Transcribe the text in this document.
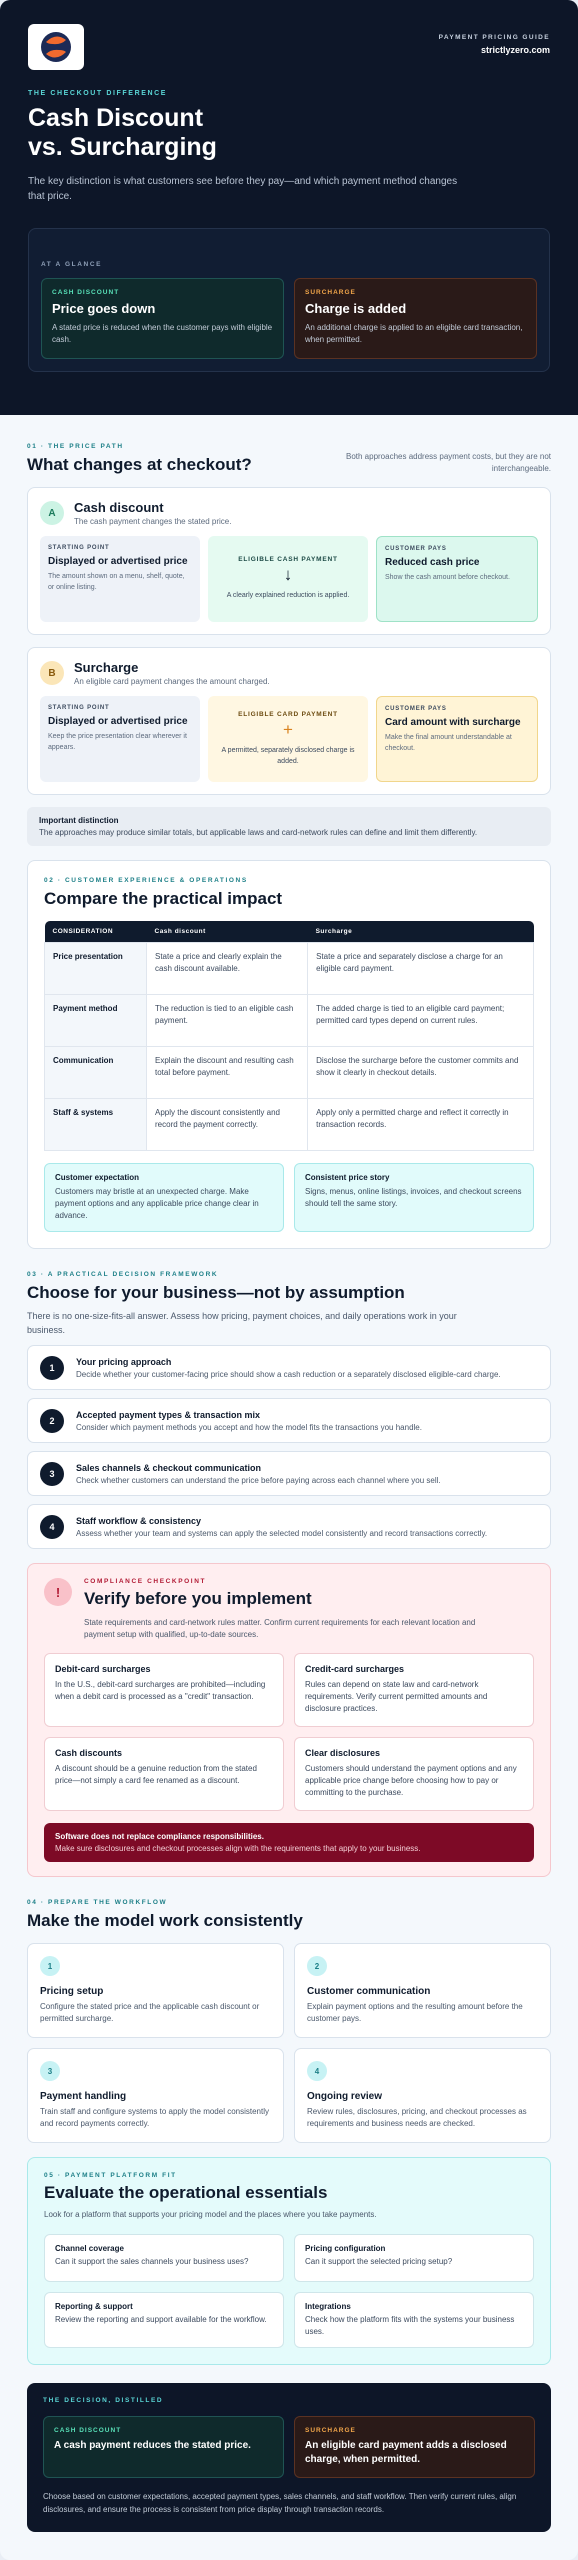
PAYMENT PRICING GUIDE
strictlyzero.com
THE CHECKOUT DIFFERENCE
Cash Discount
vs. Surcharging

The key distinction is what customers see before they pay—and which payment method changes that price.

AT A GLANCE
CASH DISCOUNT
Price goes down
A stated price is reduced when the customer pays with eligible cash.
SURCHARGE
Charge is added
An additional charge is applied to an eligible card transaction, when permitted.
01 · THE PRICE PATH
What changes at checkout?	Both approaches address payment costs, but they are not interchangeable.
A	Cash discount
The cash payment changes the stated price.
STARTING POINT
Displayed or advertised price
The amount shown on a menu, shelf, quote, or online listing.
ELIGIBLE CASH PAYMENT
↓
A clearly explained reduction is applied.
CUSTOMER PAYS
Reduced cash price
Show the cash amount before checkout.
B	Surcharge
An eligible card payment changes the amount charged.
STARTING POINT
Displayed or advertised price
Keep the price presentation clear wherever it appears.
ELIGIBLE CARD PAYMENT
+
A permitted, separately disclosed charge is added.
CUSTOMER PAYS
Card amount with surcharge
Make the final amount understandable at checkout.
Important distinction
The approaches may produce similar totals, but applicable laws and card-network rules can define and limit them differently.
02 · CUSTOMER EXPERIENCE & OPERATIONS
Compare the practical impact
CONSIDERATION	Cash discount	Surcharge
Price presentation	State a price and clearly explain the cash discount available.	State a price and separately disclose a charge for an eligible card payment.
Payment method	The reduction is tied to an eligible cash payment.	The added charge is tied to an eligible card payment; permitted card types depend on current rules.
Communication	Explain the discount and resulting cash total before payment.	Disclose the surcharge before the customer commits and show it clearly in checkout details.
Staff & systems	Apply the discount consistently and record the payment correctly.	Apply only a permitted charge and reflect it correctly in transaction records.
Customer expectation
Customers may bristle at an unexpected charge. Make payment options and any applicable price change clear in advance.
Consistent price story
Signs, menus, online listings, invoices, and checkout screens should tell the same story.
03 · A PRACTICAL DECISION FRAMEWORK
Choose for your business—not by assumption

There is no one-size-fits-all answer. Assess how pricing, payment choices, and daily operations work in your business.

1
Your pricing approach
Decide whether your customer-facing price should show a cash reduction or a separately disclosed eligible-card charge.
2
Accepted payment types & transaction mix
Consider which payment methods you accept and how the model fits the transactions you handle.
3
Sales channels & checkout communication
Check whether customers can understand the price before paying across each channel where you sell.
4
Staff workflow & consistency
Assess whether your team and systems can apply the selected model consistently and record transactions correctly.
!
COMPLIANCE CHECKPOINT
Verify before you implement

State requirements and card-network rules matter. Confirm current requirements for each relevant location and payment setup with qualified, up-to-date sources.

Debit-card surcharges
In the U.S., debit-card surcharges are prohibited—including when a debit card is processed as a "credit" transaction.
Credit-card surcharges
Rules can depend on state law and card-network requirements. Verify current permitted amounts and disclosure practices.
Cash discounts
A discount should be a genuine reduction from the stated price—not simply a card fee renamed as a discount.
Clear disclosures
Customers should understand the payment options and any applicable price change before choosing how to pay or committing to the purchase.
Software does not replace compliance responsibilities.
Make sure disclosures and checkout processes align with the requirements that apply to your business.
04 · PREPARE THE WORKFLOW
Make the model work consistently
1
Pricing setup
Configure the stated price and the applicable cash discount or permitted surcharge.
2
Customer communication
Explain payment options and the resulting amount before the customer pays.
3
Payment handling
Train staff and configure systems to apply the model consistently and record payments correctly.
4
Ongoing review
Review rules, disclosures, pricing, and checkout processes as requirements and business needs are checked.
05 · PAYMENT PLATFORM FIT
Evaluate the operational essentials

Look for a platform that supports your pricing model and the places where you take payments.

Channel coverage
Can it support the sales channels your business uses?
Pricing configuration
Can it support the selected pricing setup?
Reporting & support
Review the reporting and support available for the workflow.
Integrations
Check how the platform fits with the systems your business uses.
THE DECISION, DISTILLED
CASH DISCOUNT
A cash payment reduces the stated price.
SURCHARGE
An eligible card payment adds a disclosed charge, when permitted.

Choose based on customer expectations, accepted payment types, sales channels, and staff workflow. Then verify current rules, align disclosures, and ensure the process is consistent from price display through transaction records.
